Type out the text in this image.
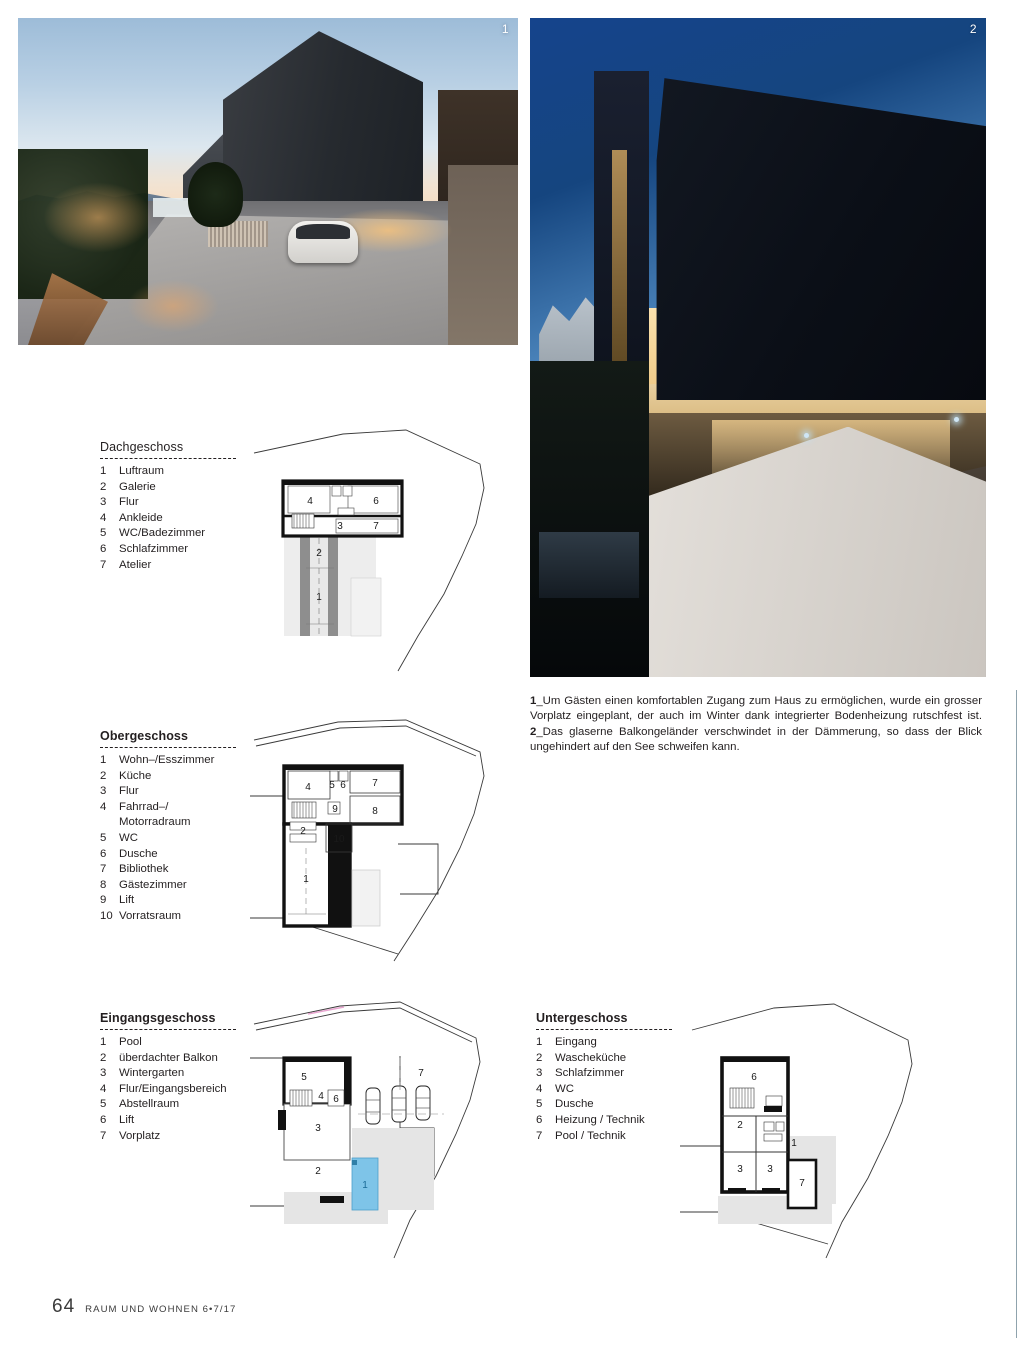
1	2
Dachgeschoss
1	Luftraum
2	Galerie
3	Flur
4	Ankleide
5	WC/Badezimmer
6	Schlafzimmer
7	Atelier
4	6
3	7
2
1
Obergeschoss
1	Wohn–/Esszimmer
2	Küche
3	Flur
4	Fahrrad–/
Motorradraum
5	WC
6	Dusche
7	Bibliothek
8	Gästezimmer
9	Lift
10 Vorratsraum
4 5 6	7
8
9
2
10
1
Eingangsgeschoss
1	Pool
2	überdachter Balkon
3	Wintergarten
4	Flur/Eingangsbereich
5	Abstellraum
6	Lift
7	Vorplatz
5
4 6
7
3
2
1
Untergeschoss
1	Eingang
2	Wascheküche
3	Schlafzimmer
4	WC
5	Dusche
6	Heizung / Technik
7	Pool / Technik
6
2
1
3 3
7
1_Um Gästen einen komfortablen Zugang zum Haus zu ermöglichen, wurde ein grosser Vorplatz eingeplant, der auch im Winter dank integrierter Bodenheizung rutschfest ist. 2_Das glaserne Balkongeländer verschwindet in der Dämmerung, so dass der Blick ungehindert auf den See schweifen kann.
64 RAUM UND WOHNEN 6•7/17
